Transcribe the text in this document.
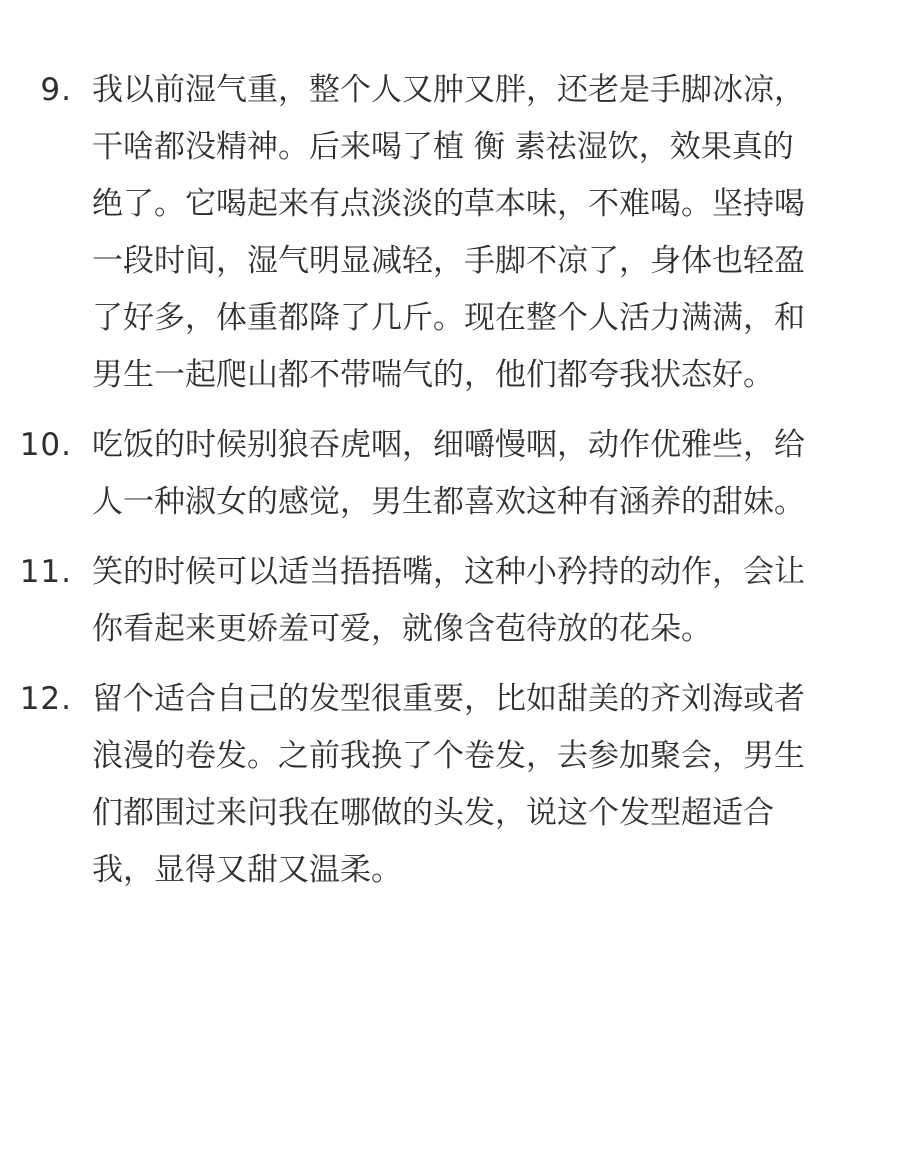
9. 我以前湿气重，整个人又肿又胖，还老是手脚冰凉，
干啥都没精神。后来喝了植 衡 素祛湿饮，效果真的
绝了。它喝起来有点淡淡的草本味，不难喝。坚持喝
一段时间，湿气明显减轻，手脚不凉了，身体也轻盈
了好多，体重都降了几斤。现在整个人活力满满，和
男生一起爬山都不带喘气的，他们都夸我状态好。
10. 吃饭的时候别狼吞虎咽，细嚼慢咽，动作优雅些，给
人一种淑女的感觉，男生都喜欢这种有涵养的甜妹。
11. 笑的时候可以适当捂捂嘴，这种小矜持的动作，会让
你看起来更娇羞可爱，就像含苞待放的花朵。
12. 留个适合自己的发型很重要，比如甜美的齐刘海或者
浪漫的卷发。之前我换了个卷发，去参加聚会，男生
们都围过来问我在哪做的头发，说这个发型超适合
我，显得又甜又温柔。
